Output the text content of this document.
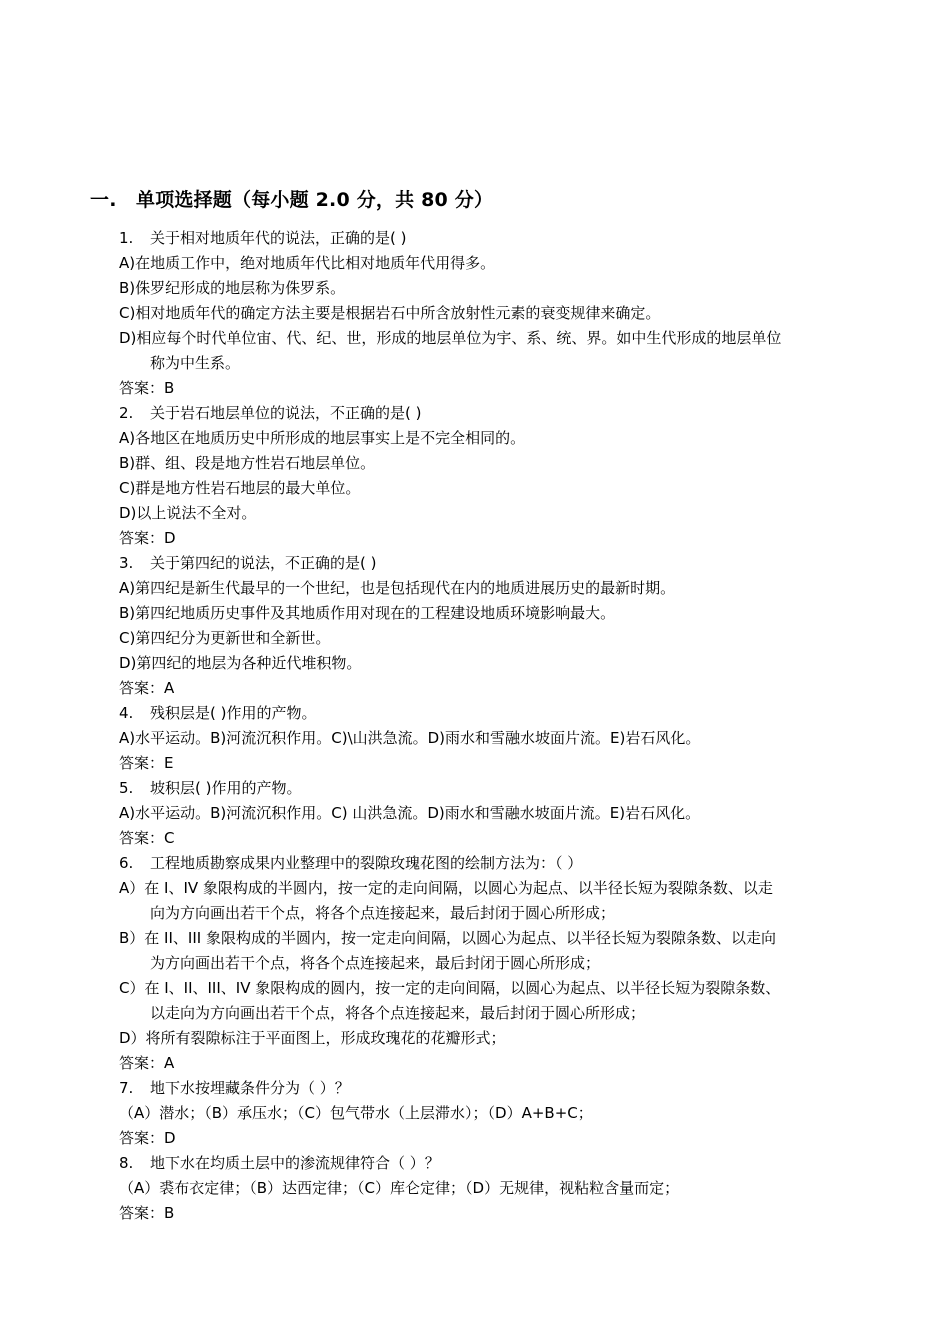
一. 单项选择题（每小题 2.0 分，共 80 分）
1. 关于相对地质年代的说法，正确的是( )
A)在地质工作中，绝对地质年代比相对地质年代用得多。
B)侏罗纪形成的地层称为侏罗系。
C)相对地质年代的确定方法主要是根据岩石中所含放射性元素的衰变规律来确定。
D)相应每个时代单位宙、代、纪、世，形成的地层单位为宇、系、统、界。如中生代形成的地层单位
称为中生系。
答案：B
2. 关于岩石地层单位的说法，不正确的是( )
A)各地区在地质历史中所形成的地层事实上是不完全相同的。
B)群、组、段是地方性岩石地层单位。
C)群是地方性岩石地层的最大单位。
D)以上说法不全对。
答案：D
3. 关于第四纪的说法，不正确的是( )
A)第四纪是新生代最早的一个世纪，也是包括现代在内的地质进展历史的最新时期。
B)第四纪地质历史事件及其地质作用对现在的工程建设地质环境影响最大。
C)第四纪分为更新世和全新世。
D)第四纪的地层为各种近代堆积物。
答案：A
4. 残积层是( )作用的产物。
A)水平运动。B)河流沉积作用。C)\山洪急流。D)雨水和雪融水坡面片流。E)岩石风化。
答案：E
5. 坡积层( )作用的产物。
A)水平运动。B)河流沉积作用。C) 山洪急流。D)雨水和雪融水坡面片流。E)岩石风化。
答案：C
6. 工程地质勘察成果内业整理中的裂隙玫瑰花图的绘制方法为：（ ）
A）在 I、IV 象限构成的半圆内，按一定的走向间隔，以圆心为起点、以半径长短为裂隙条数、以走
向为方向画出若干个点，将各个点连接起来，最后封闭于圆心所形成；
B）在 II、III 象限构成的半圆内，按一定走向间隔，以圆心为起点、以半径长短为裂隙条数、以走向
为方向画出若干个点，将各个点连接起来，最后封闭于圆心所形成；
C）在 I、II、III、IV 象限构成的圆内，按一定的走向间隔，以圆心为起点、以半径长短为裂隙条数、
以走向为方向画出若干个点，将各个点连接起来，最后封闭于圆心所形成；
D）将所有裂隙标注于平面图上，形成玫瑰花的花瓣形式；
答案：A
7. 地下水按埋藏条件分为（ ）？
（A）潜水；（B）承压水；（C）包气带水（上层滞水）；（D）A+B+C；
答案：D
8. 地下水在均质土层中的渗流规律符合（ ）？
（A）裘布衣定律；（B）达西定律；（C）库仑定律；（D）无规律，视粘粒含量而定；
答案：B
